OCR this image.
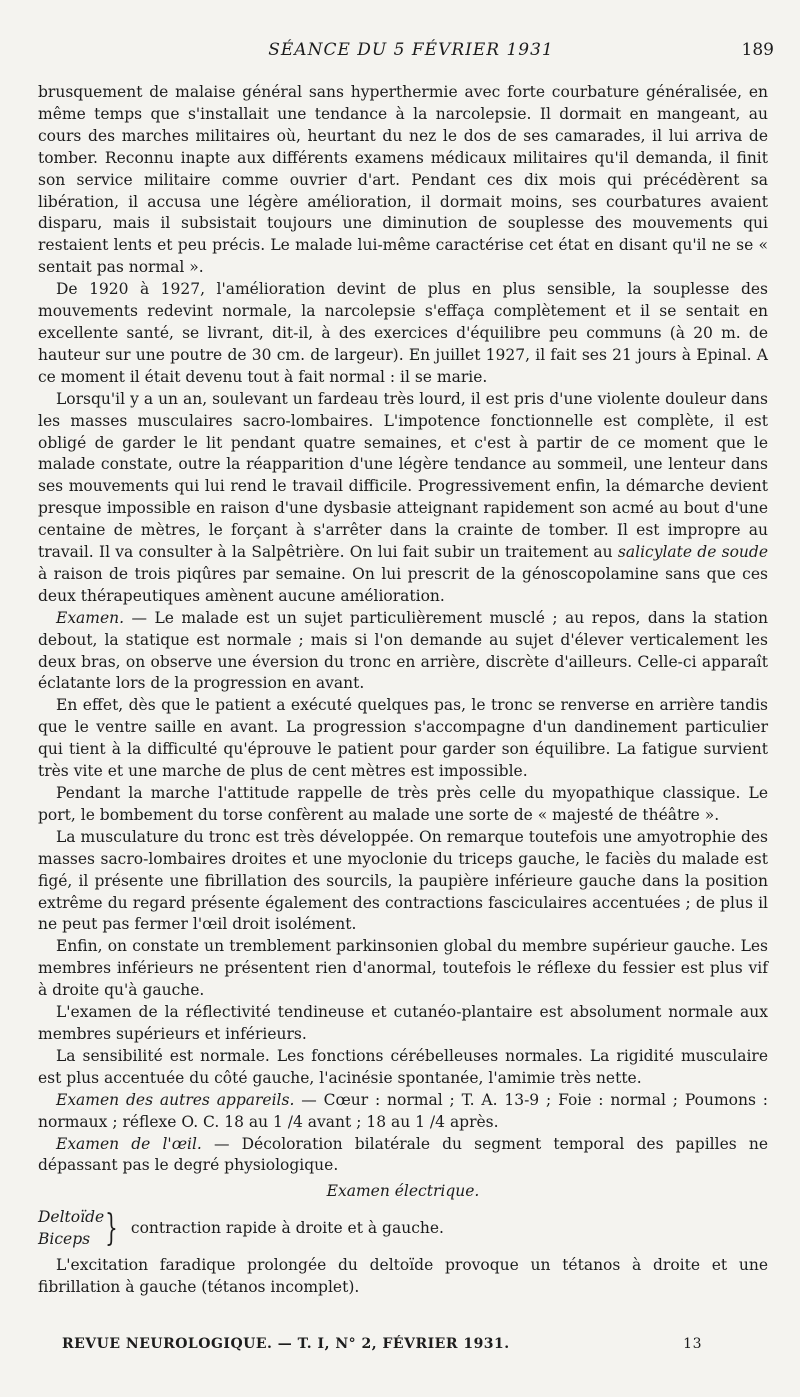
SÉANCE DU 5 FÉVRIER 1931	189

brusquement de malaise général sans hyperthermie avec forte courbature généralisée, en même temps que s'installait une tendance à la narcolepsie. Il dormait en mangeant, au cours des marches militaires où, heurtant du nez le dos de ses camarades, il lui arriva de tomber. Reconnu inapte aux différents examens médicaux militaires qu'il demanda, il finit son service militaire comme ouvrier d'art. Pendant ces dix mois qui précédèrent sa libération, il accusa une légère amélioration, il dormait moins, ses courbatures avaient disparu, mais il subsistait toujours une diminution de souplesse des mouvements qui restaient lents et peu précis. Le malade lui-même caractérise cet état en disant qu'il ne se « sentait pas normal ».

De 1920 à 1927, l'amélioration devint de plus en plus sensible, la souplesse des mouvements redevint normale, la narcolepsie s'effaça complètement et il se sentait en excellente santé, se livrant, dit-il, à des exercices d'équilibre peu communs (à 20 m. de hauteur sur une poutre de 30 cm. de largeur). En juillet 1927, il fait ses 21 jours à Epinal. A ce moment il était devenu tout à fait normal : il se marie.

Lorsqu'il y a un an, soulevant un fardeau très lourd, il est pris d'une violente douleur dans les masses musculaires sacro-lombaires. L'impotence fonctionnelle est complète, il est obligé de garder le lit pendant quatre semaines, et c'est à partir de ce moment que le malade constate, outre la réapparition d'une légère tendance au sommeil, une lenteur dans ses mouvements qui lui rend le travail difficile. Progressivement enfin, la démarche devient presque impossible en raison d'une dysbasie atteignant rapidement son acmé au bout d'une centaine de mètres, le forçant à s'arrêter dans la crainte de tomber. Il est impropre au travail. Il va consulter à la Salpêtrière. On lui fait subir un traitement au salicylate de soude à raison de trois piqûres par semaine. On lui prescrit de la génoscopolamine sans que ces deux thérapeutiques amènent aucune amélioration.

Examen. — Le malade est un sujet particulièrement musclé ; au repos, dans la station debout, la statique est normale ; mais si l'on demande au sujet d'élever verticalement les deux bras, on observe une éversion du tronc en arrière, discrète d'ailleurs. Celle-ci apparaît éclatante lors de la progression en avant.

En effet, dès que le patient a exécuté quelques pas, le tronc se renverse en arrière tandis que le ventre saille en avant. La progression s'accompagne d'un dandinement particulier qui tient à la difficulté qu'éprouve le patient pour garder son équilibre. La fatigue survient très vite et une marche de plus de cent mètres est impossible.

Pendant la marche l'attitude rappelle de très près celle du myopathique classique. Le port, le bombement du torse confèrent au malade une sorte de « majesté de théâtre ».

La musculature du tronc est très développée. On remarque toutefois une amyotrophie des masses sacro-lombaires droites et une myoclonie du triceps gauche, le faciès du malade est figé, il présente une fibrillation des sourcils, la paupière inférieure gauche dans la position extrême du regard présente également des contractions fasciculaires accentuées ; de plus il ne peut pas fermer l'œil droit isolément.

Enfin, on constate un tremblement parkinsonien global du membre supérieur gauche. Les membres inférieurs ne présentent rien d'anormal, toutefois le réflexe du fessier est plus vif à droite qu'à gauche.

L'examen de la réflectivité tendineuse et cutanéo-plantaire est absolument normale aux membres supérieurs et inférieurs.

La sensibilité est normale. Les fonctions cérébelleuses normales. La rigidité musculaire est plus accentuée du côté gauche, l'acinésie spontanée, l'amimie très nette.

Examen des autres appareils. — Cœur : normal ; T. A. 13-9 ; Foie : normal ; Poumons : normaux ; réflexe O. C. 18 au 1 /4 avant ; 18 au 1 /4 après.

Examen de l'œil. — Décoloration bilatérale du segment temporal des papilles ne dépassant pas le degré physiologique.

Examen électrique.

Deltoïde
Biceps } contraction rapide à droite et à gauche.

L'excitation faradique prolongée du deltoïde provoque un tétanos à droite et une fibrillation à gauche (tétanos incomplet).

REVUE NEUROLOGIQUE. — T. I, N° 2, FÉVRIER 1931.	13
